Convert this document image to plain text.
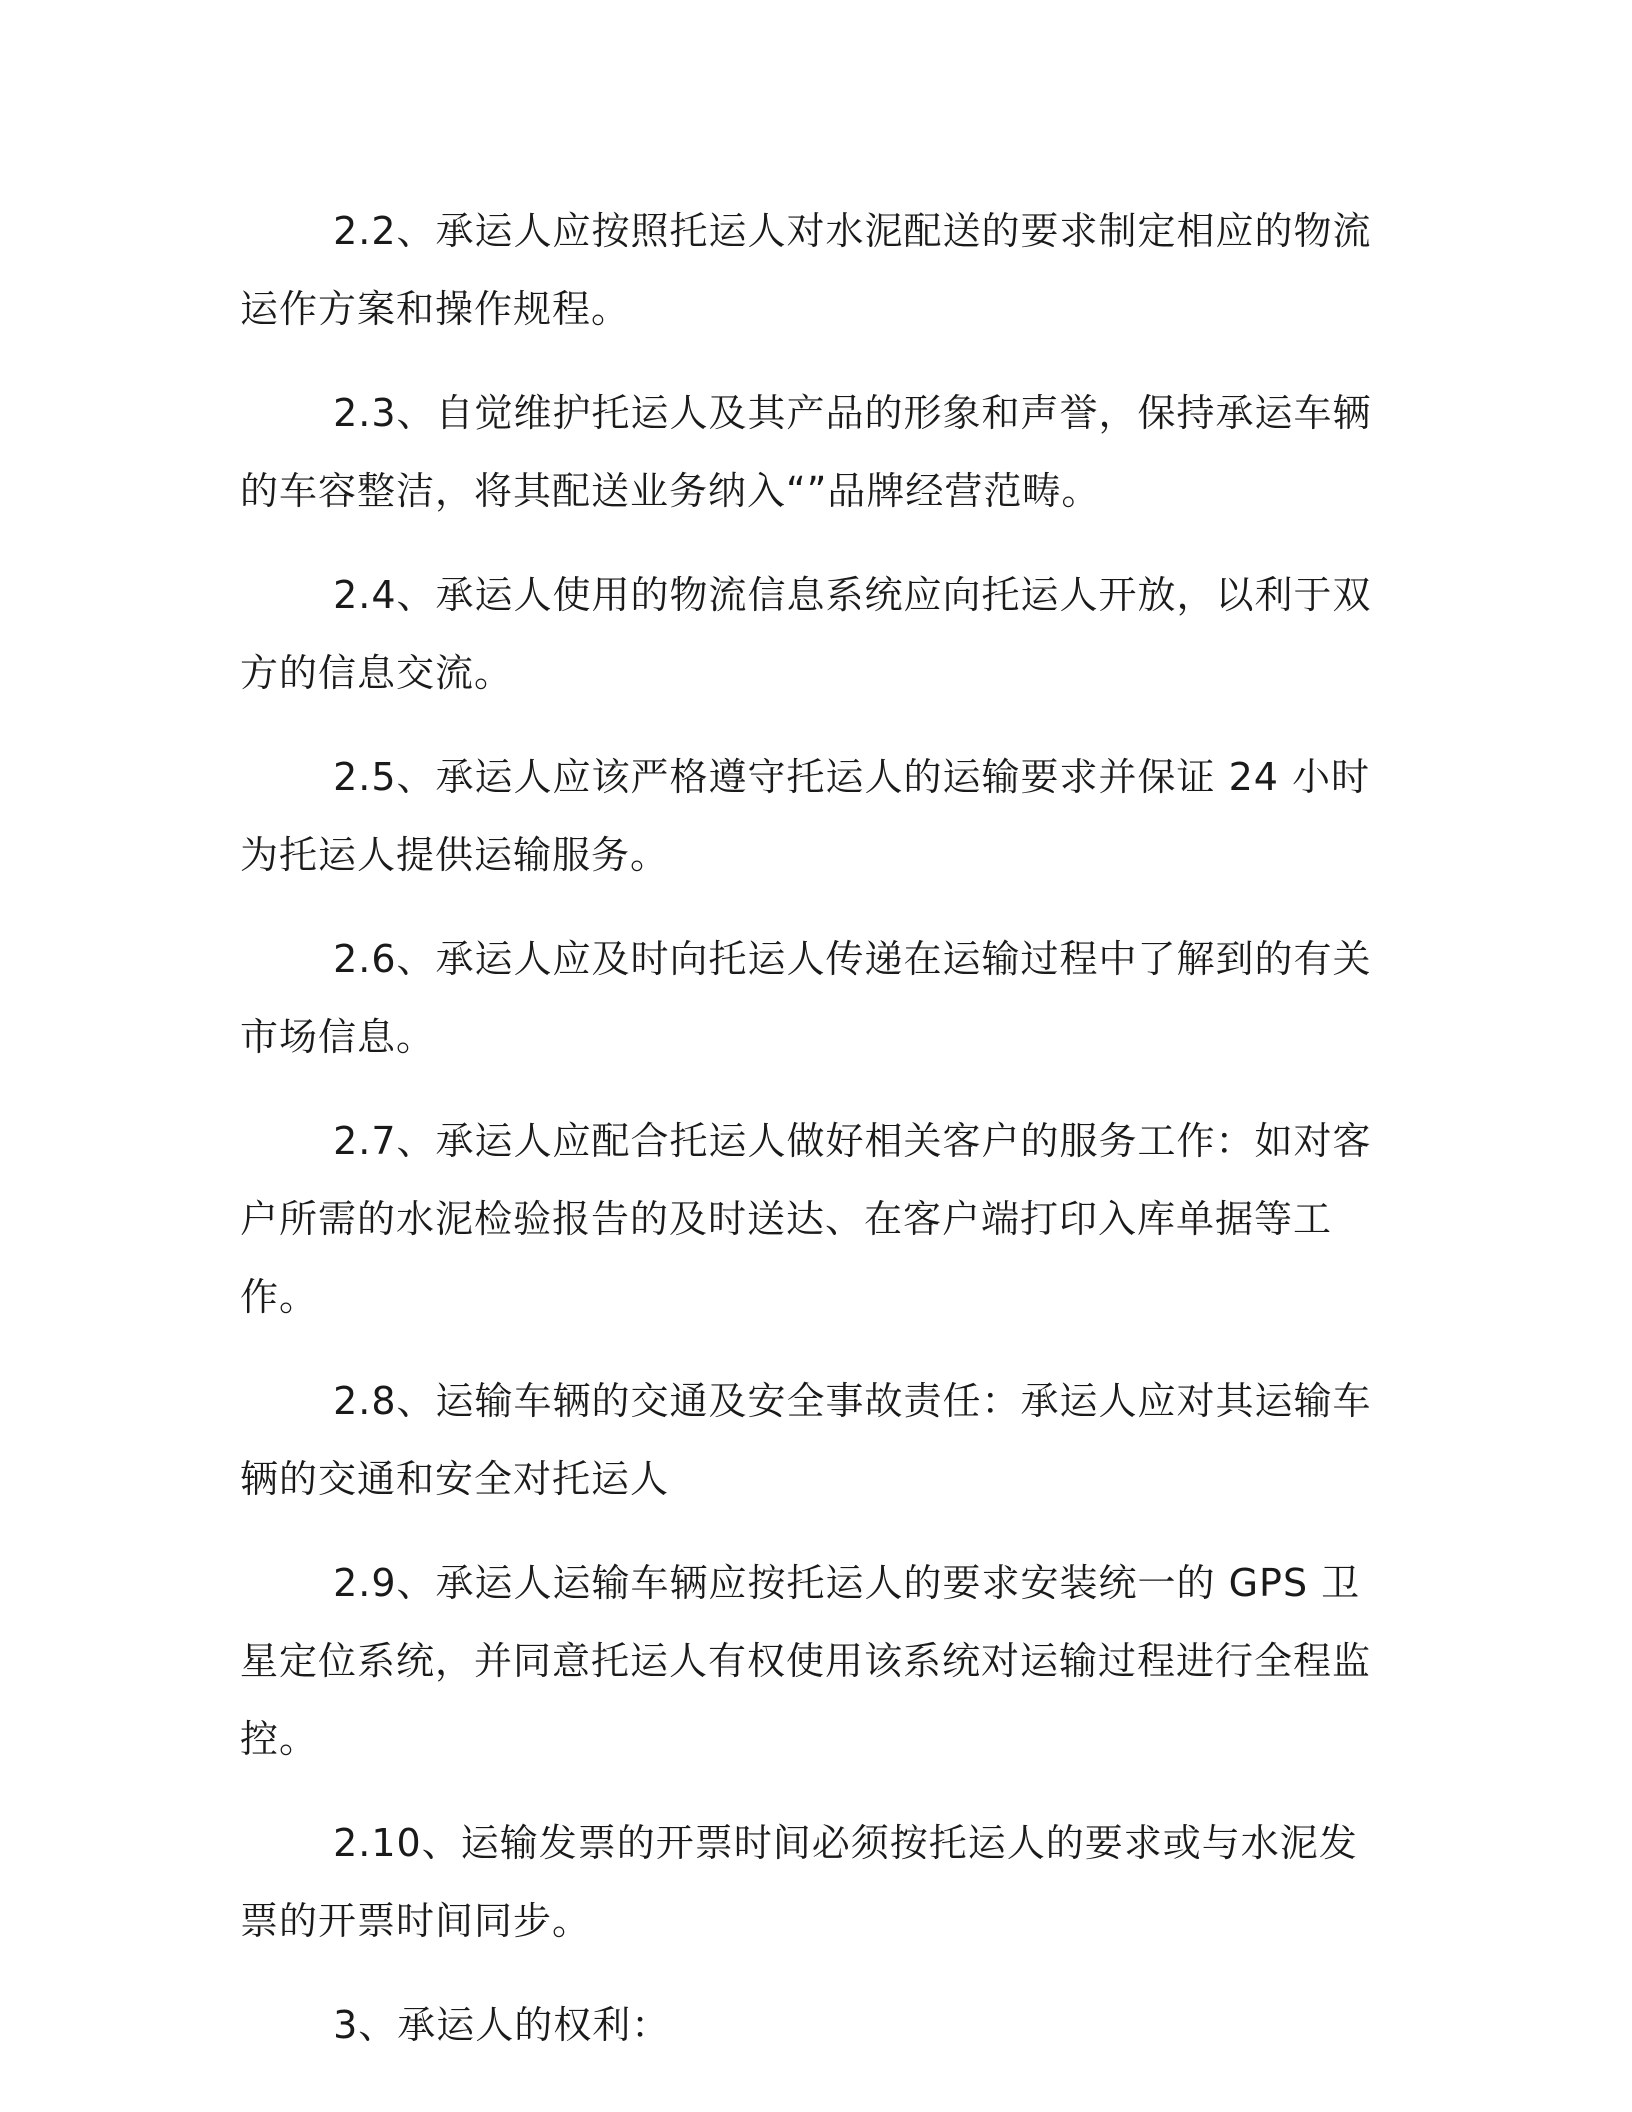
2.2、承运人应按照托运人对水泥配送的要求制定相应的物流运作方案和操作规程。

2.3、自觉维护托运人及其产品的形象和声誉，保持承运车辆的车容整洁，将其配送业务纳入“”品牌经营范畴。

2.4、承运人使用的物流信息系统应向托运人开放，以利于双方的信息交流。

2.5、承运人应该严格遵守托运人的运输要求并保证 24 小时为托运人提供运输服务。

2.6、承运人应及时向托运人传递在运输过程中了解到的有关市场信息。

2.7、承运人应配合托运人做好相关客户的服务工作：如对客户所需的水泥检验报告的及时送达、在客户端打印入库单据等工作。

2.8、运输车辆的交通及安全事故责任：承运人应对其运输车辆的交通和安全对托运人

2.9、承运人运输车辆应按托运人的要求安装统一的 GPS 卫星定位系统，并同意托运人有权使用该系统对运输过程进行全程监控。

2.10、运输发票的开票时间必须按托运人的要求或与水泥发票的开票时间同步。

3、承运人的权利：
